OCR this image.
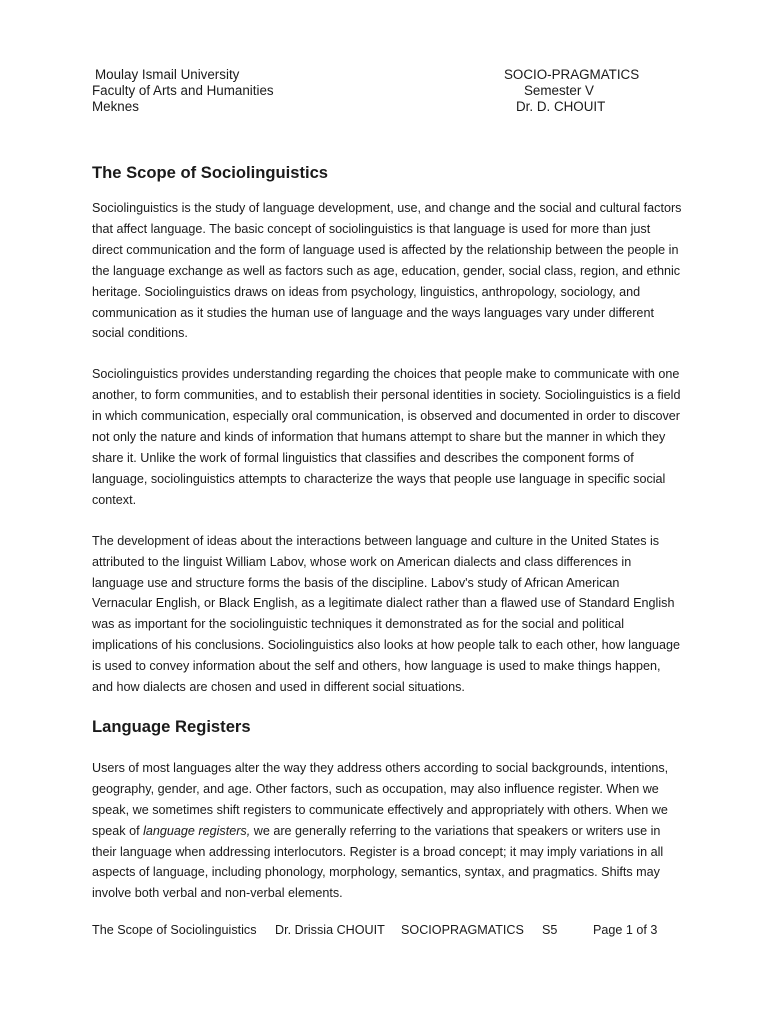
Moulay Ismail University
Faculty of Arts and Humanities
Meknes
SOCIO-PRAGMATICS
Semester V
Dr. D. CHOUIT
The Scope of Sociolinguistics

Sociolinguistics is the study of language development, use, and change and the social and cultural factors that affect language. The basic concept of sociolinguistics is that language is used for more than just direct communication and the form of language used is affected by the relationship between the people in the language exchange as well as factors such as age, education, gender, social class, region, and ethnic heritage. Sociolinguistics draws on ideas from psychology, linguistics, anthropology, sociology, and communication as it studies the human use of language and the ways languages vary under different social conditions.

Sociolinguistics provides understanding regarding the choices that people make to communicate with one another, to form communities, and to establish their personal identities in society. Sociolinguistics is a field in which communication, especially oral communication, is observed and documented in order to discover not only the nature and kinds of information that humans attempt to share but the manner in which they share it. Unlike the work of formal linguistics that classifies and describes the component forms of language, sociolinguistics attempts to characterize the ways that people use language in specific social context.

The development of ideas about the interactions between language and culture in the United States is attributed to the linguist William Labov, whose work on American dialects and class differences in language use and structure forms the basis of the discipline. Labov's study of African American Vernacular English, or Black English, as a legitimate dialect rather than a flawed use of Standard English was as important for the sociolinguistic techniques it demonstrated as for the social and political implications of his conclusions. Sociolinguistics also looks at how people talk to each other, how language is used to convey information about the self and others, how language is used to make things happen, and how dialects are chosen and used in different social situations.

Language Registers

Users of most languages alter the way they address others according to social backgrounds, intentions, geography, gender, and age. Other factors, such as occupation, may also influence register. When we speak, we sometimes shift registers to communicate effectively and appropriately with others. When we speak of language registers, we are generally referring to the variations that speakers or writers use in their language when addressing interlocutors. Register is a broad concept; it may imply variations in all aspects of language, including phonology, morphology, semantics, syntax, and pragmatics. Shifts may involve both verbal and non-verbal elements.

The Scope of Sociolinguistics Dr. Drissia CHOUIT SOCIOPRAGMATICS S5	Page 1 of 3
